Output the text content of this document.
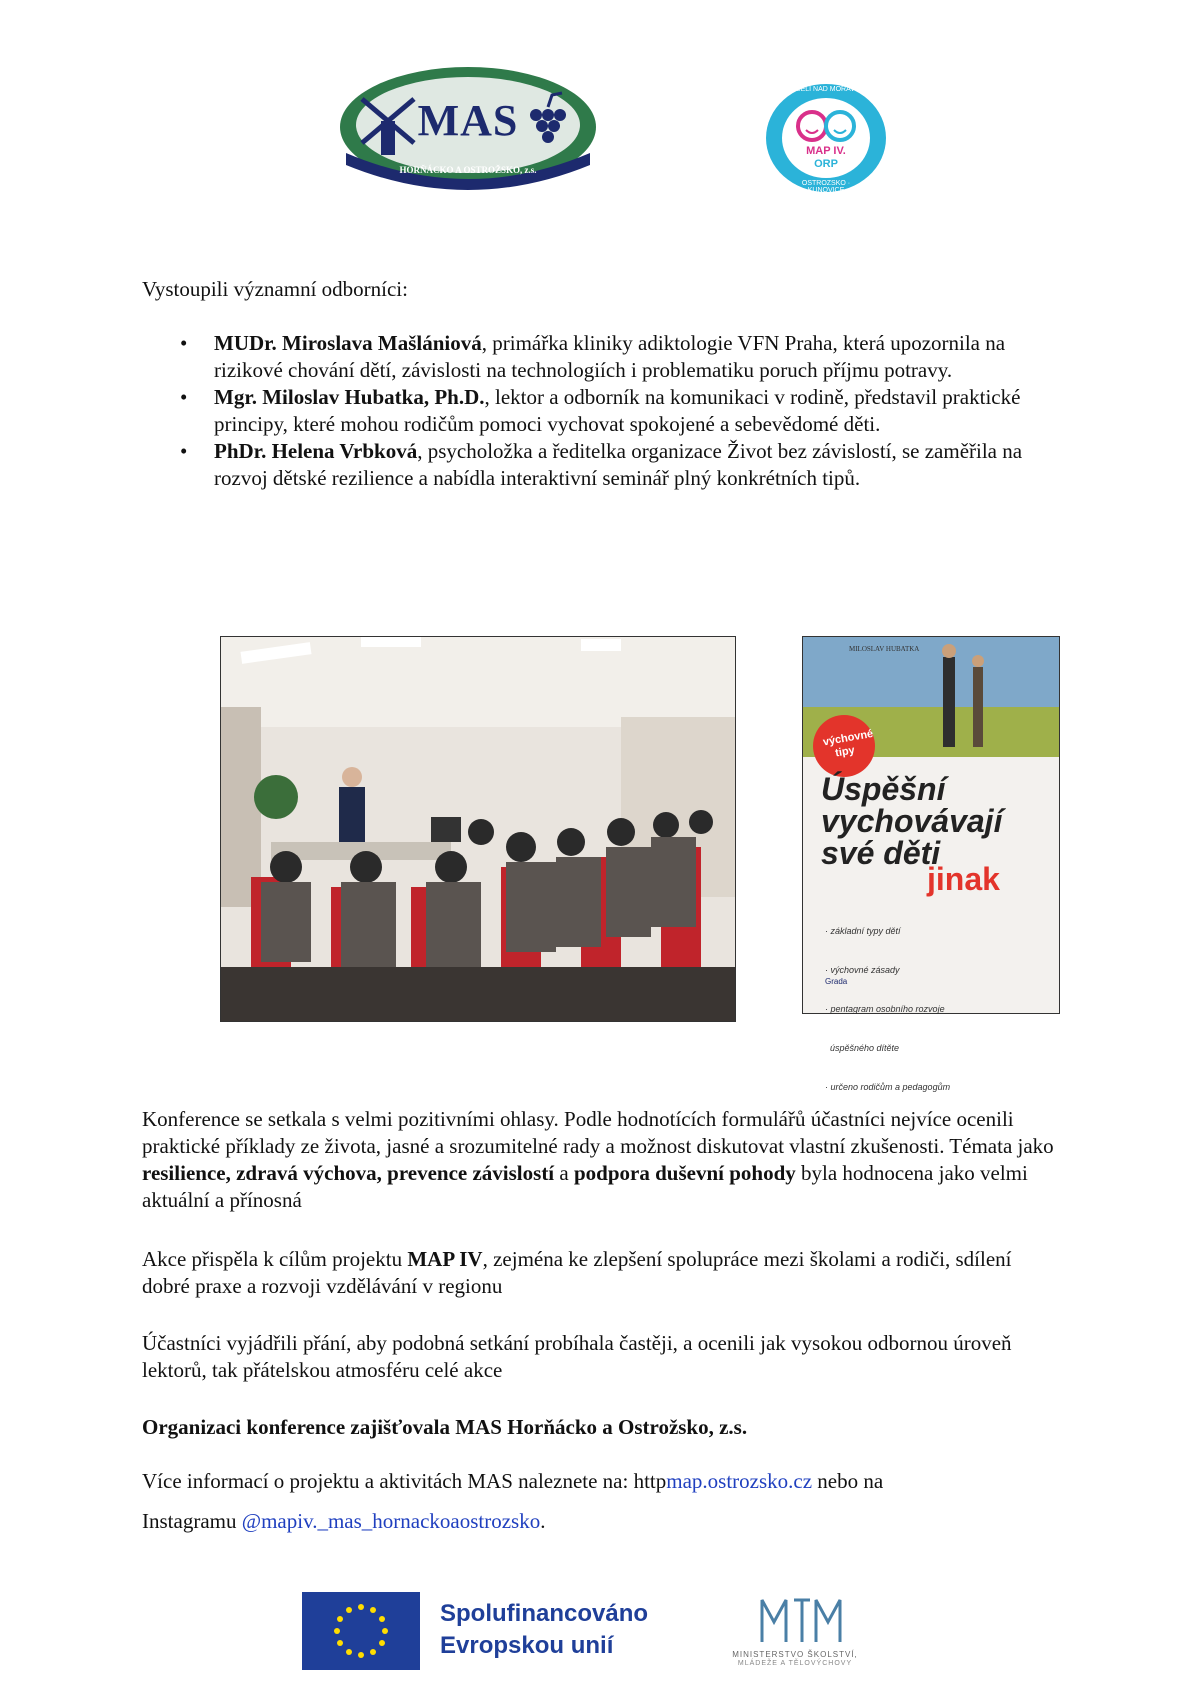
MAS
HORŇÁCKO A OSTROŽSKO, z.s.
MAP IV.
ORP
VESELÍ NAD MORAVOU
OSTROZSKO · KUNOVICE
Vystoupili významní odborníci:
• MUDr. Miroslava Mašlániová, primářka kliniky adiktologie VFN Praha, která upozornila na rizikové chování dětí, závislosti na technologiích i problematiku poruch příjmu potravy.
• Mgr. Miloslav Hubatka, Ph.D., lektor a odborník na komunikaci v rodině, představil praktické principy, které mohou rodičům pomoci vychovat spokojené a sebevědomé děti.
• PhDr. Helena Vrbková, psycholožka a ředitelka organizace Život bez závislostí, se zaměřila na rozvoj dětské rezilience a nabídla interaktivní seminář plný konkrétních tipů.
MILOSLAV HUBATKA
výchovné tipy
Úspěšní
vychovávají
své děti
jinak

· základní typy dětí

· výchovné zásady

· pentagram osobního rozvoje

úspěšného dítěte

· určeno rodičům a pedagogům

Grada
Konference se setkala s velmi pozitivními ohlasy. Podle hodnotících formulářů účastníci nejvíce ocenili praktické příklady ze života, jasné a srozumitelné rady a možnost diskutovat vlastní zkušenosti. Témata jako resilience, zdravá výchova, prevence závislostí a podpora duševní pohody byla hodnocena jako velmi aktuální a přínosná
Akce přispěla k cílům projektu MAP IV, zejména ke zlepšení spolupráce mezi školami a rodiči, sdílení dobré praxe a rozvoji vzdělávání v regionu
Účastníci vyjádřili přání, aby podobná setkání probíhala častěji, a ocenili jak vysokou odbornou úroveň lektorů, tak přátelskou atmosféru celé akce
Organizaci konference zajišťovala MAS Horňácko a Ostrožsko, z.s.
Více informací o projektu a aktivitách MAS naleznete na: httpmap.ostrozsko.cz nebo na
Instagramu @mapiv._mas_hornackoaostrozsko.
Spolufinancováno
Evropskou unií	MINISTERSTVO ŠKOLSTVÍ,
MLÁDEŽE A TĚLOVÝCHOVY
